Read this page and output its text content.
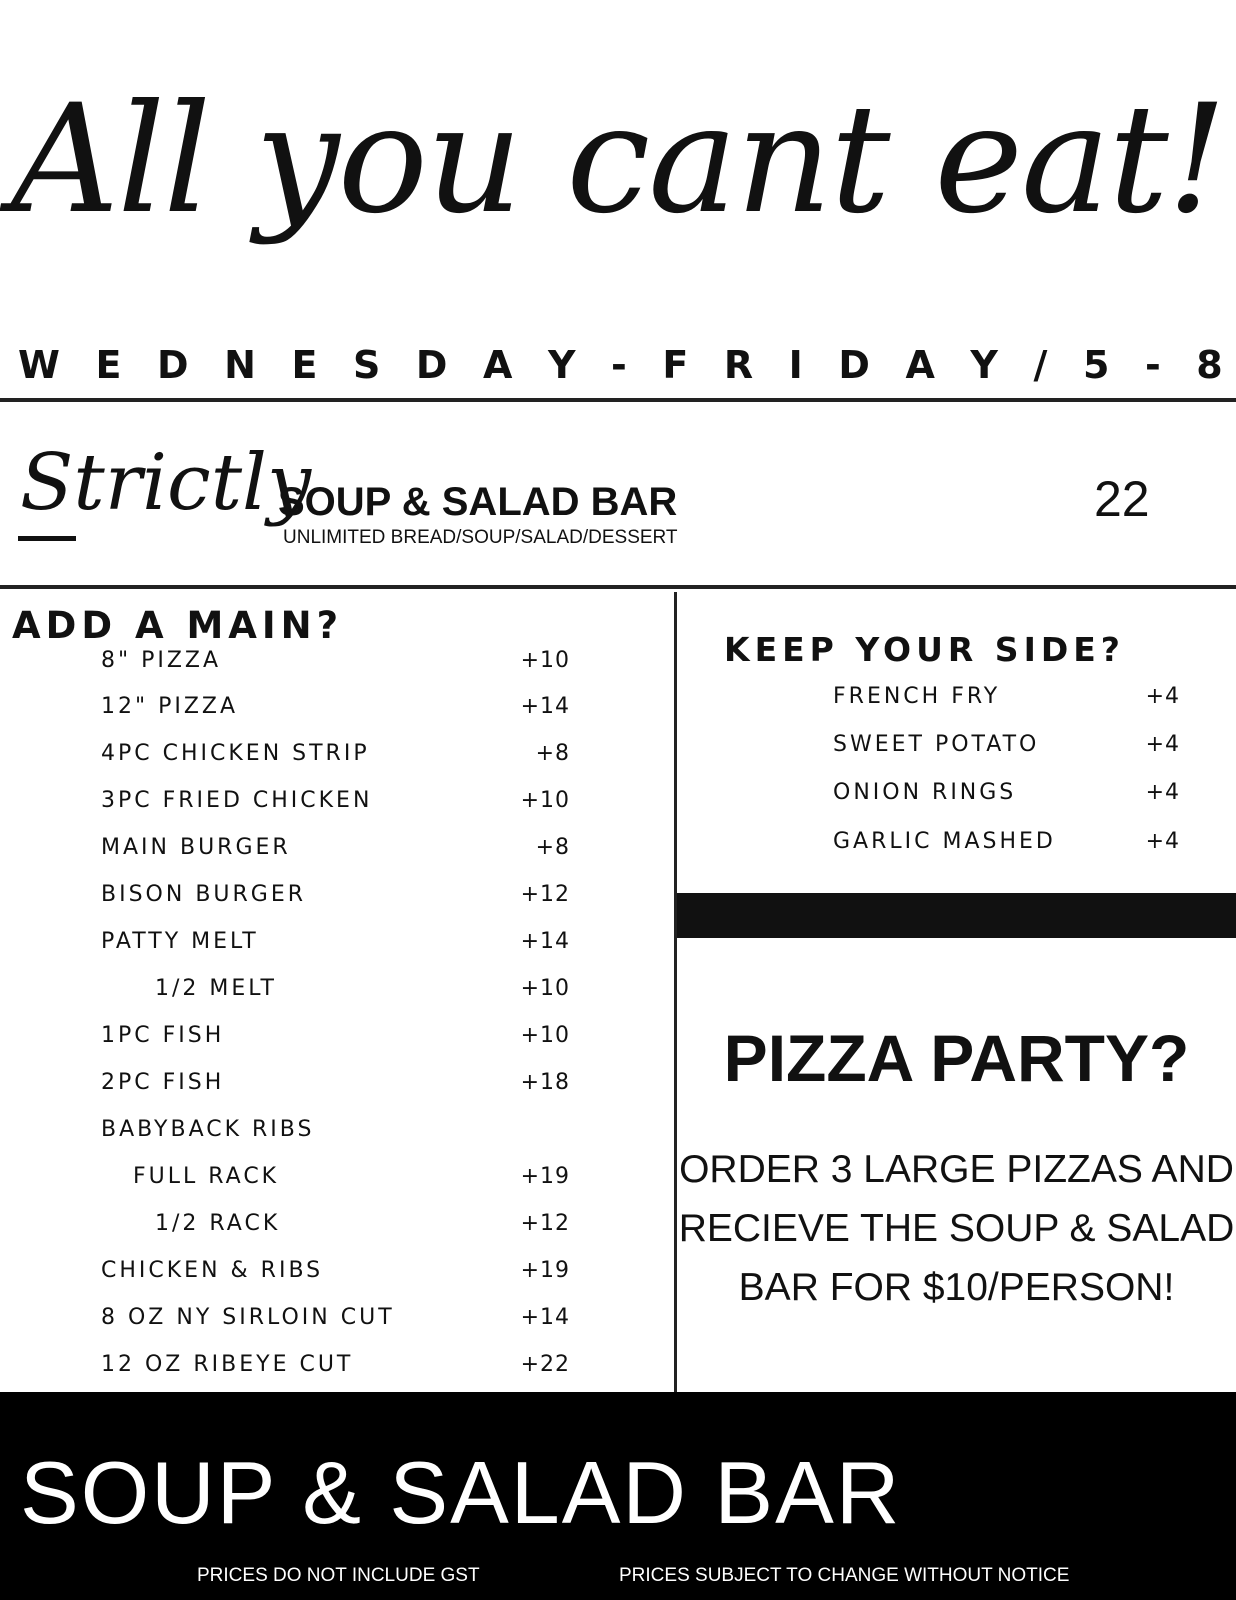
All you cant eat!
W E D N E S D A Y - F R I D A Y / 5 - 8
Strictly
SOUP & SALAD BAR
UNLIMITED BREAD/SOUP/SALAD/DESSERT
22
ADD A MAIN?
8" PIZZA	+10
12" PIZZA	+14
4PC CHICKEN STRIP	+8
3PC FRIED CHICKEN	+10
MAIN BURGER	+8
BISON BURGER	+12
PATTY MELT	+14
1/2 MELT	+10
1PC FISH	+10
2PC FISH	+18
BABYBACK RIBS
FULL RACK	+19
1/2 RACK	+12
CHICKEN & RIBS	+19
8 OZ NY SIRLOIN CUT	+14
12 OZ RIBEYE CUT	+22
KEEP YOUR SIDE?
FRENCH FRY	+4
SWEET POTATO	+4
ONION RINGS	+4
GARLIC MASHED	+4
PIZZA PARTY?
ORDER 3 LARGE PIZZAS AND
RECIEVE THE SOUP & SALAD
BAR FOR $10/PERSON!
SOUP & SALAD BAR
PRICES DO NOT INCLUDE GST	PRICES SUBJECT TO CHANGE WITHOUT NOTICE
